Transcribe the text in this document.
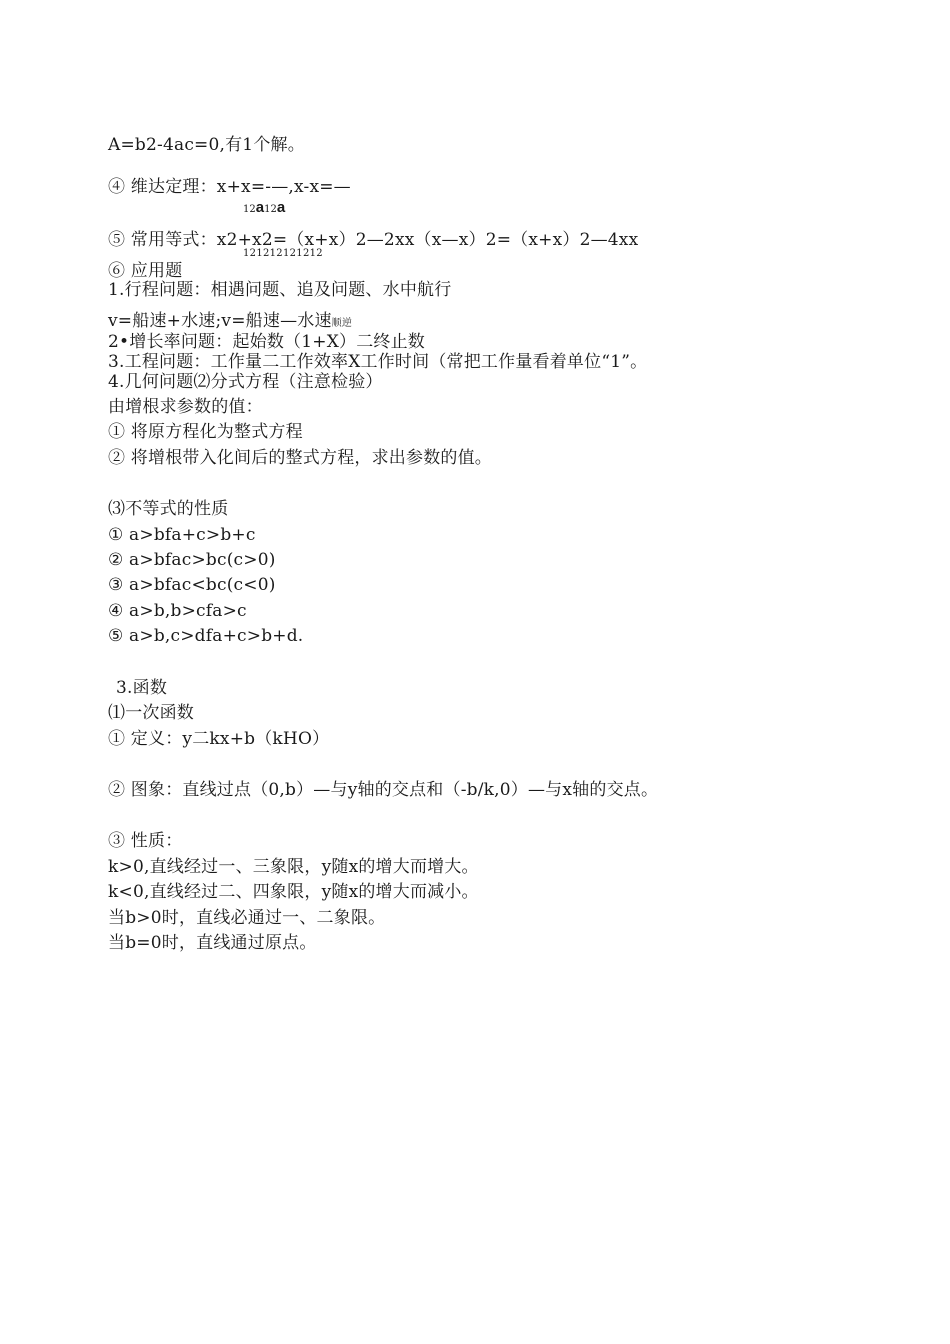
A=b2-4ac=0,有1个解。
④ 维达定理：x+x=-—,x-x=—
12a12a
⑤ 常用等式：x2+x2=（x+x）2—2xx（x—x）2=（x+x）2—4xx
121212121212
⑥ 应用题
1.行程问题：相遇问题、追及问题、水中航行
v=船速+水速;v=船速—水速顺逆
2•增长率问题：起始数（1+X）二终止数
3.工程问题：工作量二工作效率X工作时间（常把工作量看着单位“1”。
4.几何问题⑵分式方程（注意检验）
由增根求参数的值：
① 将原方程化为整式方程
② 将增根带入化间后的整式方程，求出参数的值。
⑶不等式的性质
① a>bfa+c>b+c
② a>bfac>bc(c>0)
③ a>bfac<bc(c<0)
④ a>b,b>cfa>c
⑤ a>b,c>dfa+c>b+d.
3.函数
⑴一次函数
① 定义：y二kx+b（kHO）
② 图象：直线过点（0,b）—与y轴的交点和（-b/k,0）—与x轴的交点。
③ 性质：
k>0,直线经过一、三象限，y随x的增大而增大。
k<0,直线经过二、四象限，y随x的增大而减小。
当b>0时，直线必通过一、二象限。
当b=0时，直线通过原点。
